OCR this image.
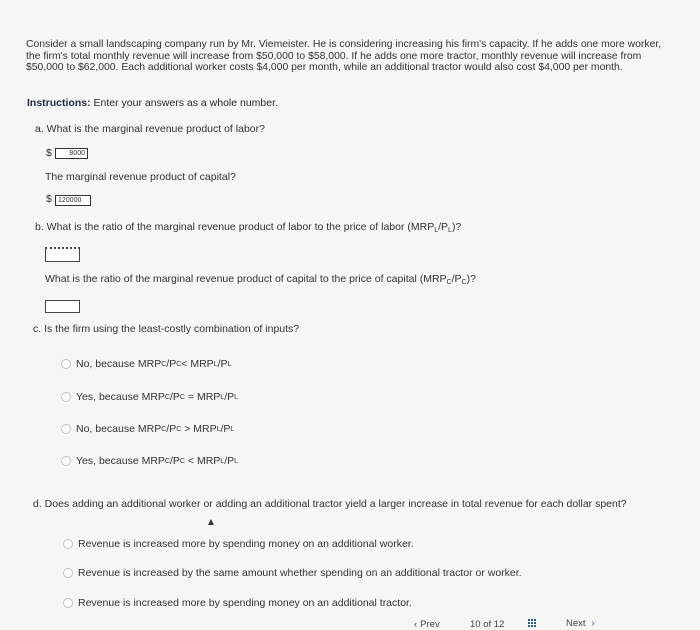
Consider a small landscaping company run by Mr. Viemeister. He is considering increasing his firm's capacity. If he adds one more worker, the firm's total monthly revenue will increase from $50,000 to $58,000. If he adds one more tractor, monthly revenue will increase from $50,000 to $62,000. Each additional worker costs $4,000 per month, while an additional tractor would also cost $4,000 per month.
Instructions: Enter your answers as a whole number.
a. What is the marginal revenue product of labor?
$	8000
The marginal revenue product of capital?
$ 120000
b. What is the ratio of the marginal revenue product of labor to the price of labor $(MRP_L/P_L)$?
What is the ratio of the marginal revenue product of capital to the price of capital $(MRP_C/P_C)$?
c. Is the firm using the least-costly combination of inputs?
No, because MRP C /P C <
MRP L /P L
Yes, because MRP C /P C
=
MRP L /P L
No, because MRP C /P C
>
MRP L /P L
Yes, because MRP C /P C
<
MRP L /P L
d. Does adding an additional worker or adding an additional tractor yield a larger increase in total revenue for each dollar spent?
Revenue is increased more by spending money on an additional worker.
Revenue is increased by the same amount whether spending on an additional tractor or worker.
Revenue is increased more by spending money on an additional tractor.
‹ Prev	10 of 12	Next ›
